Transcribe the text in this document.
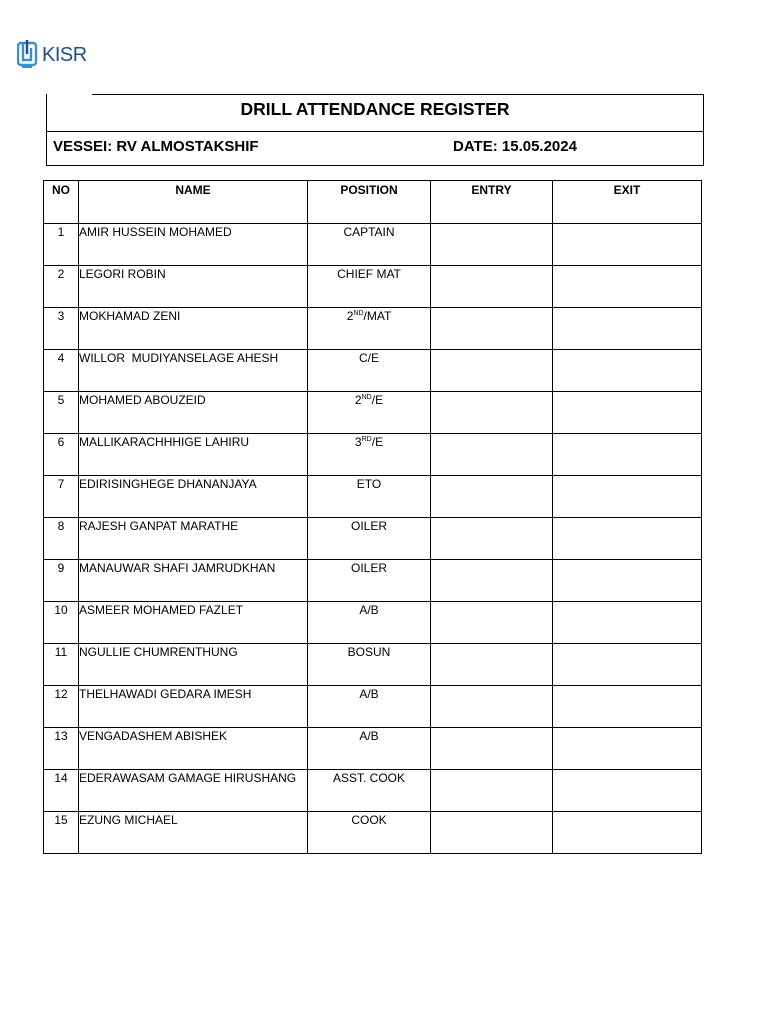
KISR
DRILL ATTENDANCE REGISTER
VESSEI: RV ALMOSTAKSHIF	DATE: 15.05.2024
NO	NAME	POSITION	ENTRY	EXIT
1	AMIR HUSSEIN MOHAMED	CAPTAIN		
2	LEGORI ROBIN	CHIEF MAT		
3	MOKHAMAD ZENI	2ND/MAT		
4	WILLOR  MUDIYANSELAGE AHESH	C/E		
5	MOHAMED ABOUZEID	2ND/E		
6	MALLIKARACHHHIGE LAHIRU	3RD/E		
7	EDIRISINGHEGE DHANANJAYA	ETO		
8	RAJESH GANPAT MARATHE	OILER		
9	MANAUWAR SHAFI JAMRUDKHAN	OILER		
10	ASMEER MOHAMED FAZLET	A/B		
11	NGULLIE CHUMRENTHUNG	BOSUN		
12	THELHAWADI GEDARA IMESH	A/B		
13	VENGADASHEM ABISHEK	A/B		
14	EDERAWASAM GAMAGE HIRUSHANG	ASST. COOK		
15	EZUNG MICHAEL	COOK		
